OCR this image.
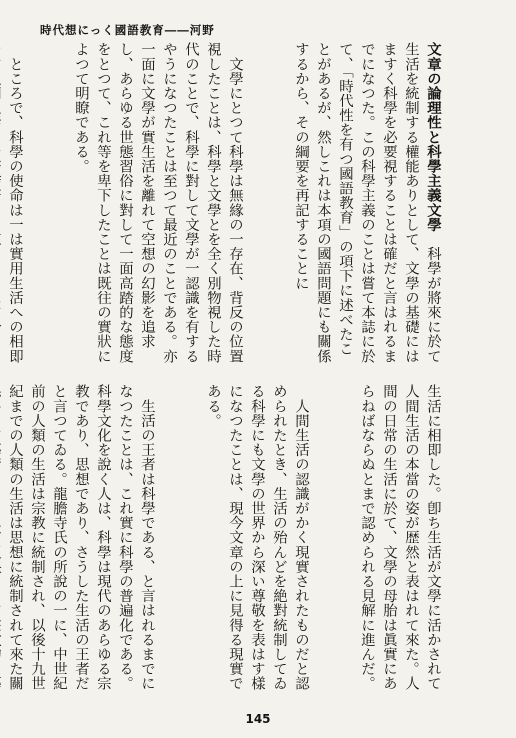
時代想にっく國語教育――河野

文章の論理性と科學主義文學　科學が將來に於て生活を統制する權能ありとして、文學の基礎にはますく科學を必要視することは確だと言はれるまでになつた。この科學主義のことは嘗て本誌に於て、「時代性を有つ國語教育」の項下に述べたことがあるが、然しこれは本項の國語問題にも關係するから、その綱要を再記することに

　文學にとつて科學は無緣の一存在、背反の位置視したことは、科學と文學とを全く別物視した時代のことで、科學に對して文學が一認識を有するやうになつたことは至つて最近のことである。亦一面に文學が實生活を離れて空想の幻影を追求し、あらゆる世態習俗に對して一面高踏的な態度をとつて、これ等を卑下したことは既往の實狀によつて明瞭である。

　ところで、科學の使命は一は實用生活への相即

生活に相即した。卽ち生活が文學に活かされて人間生活の本當の姿が歴然と表はれて來た。人間の日常の生活に於て、文學の母胎は眞實にあらねばならぬとまで認められる見解に進んだ。

　人間生活の認識がかく現實されたものだと認められたとき、生活の殆んどを絶對統制してゐる科學にも文學の世界から深い尊敬を表はす樣になつたことは、現今文章の上に見得る現實である。

　生活の王者は科學である、と言はれるまでになつたことは、これ實に科學の普遍化である。科學文化を說く人は、科學は現代のあらゆる宗教であり、思想であり、さうした生活の王者だと言つてゐる。龍膽寺氏の所說の一に、中世紀前の人類の生活は宗教に統制され、以後十九世紀までの人類の生活は思想に統制されて來た關

145
